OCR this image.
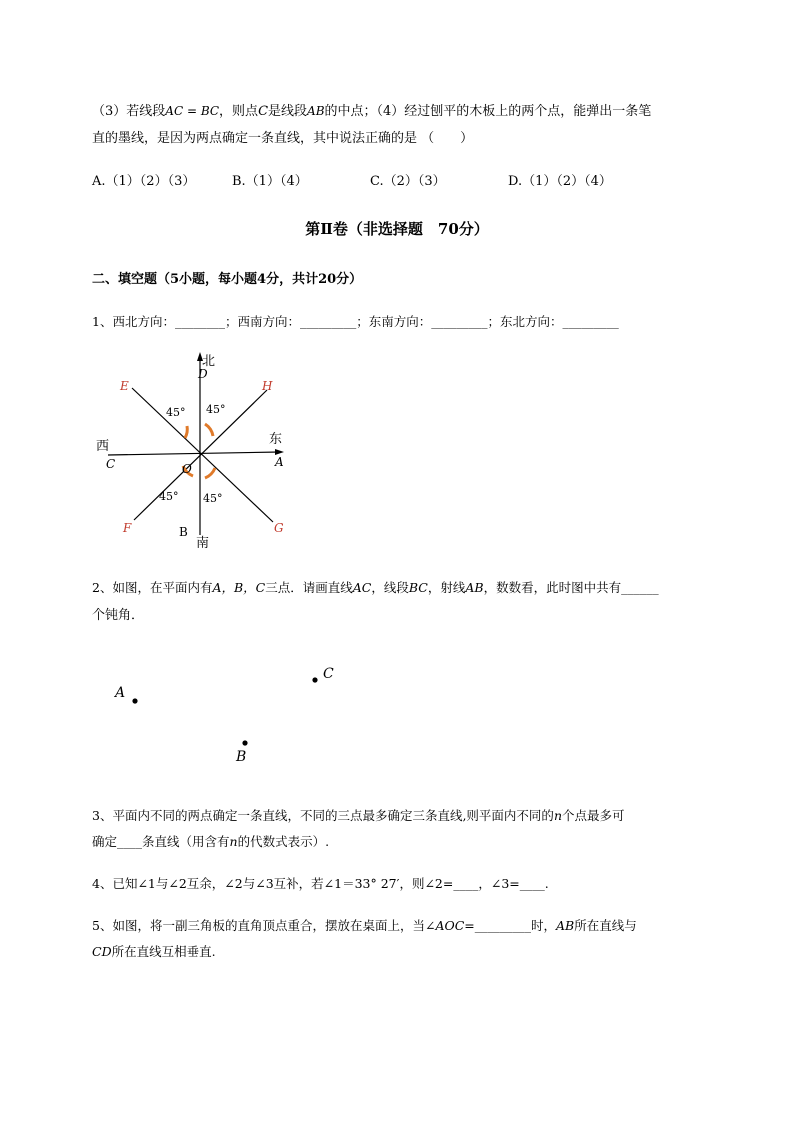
（3）若线段AC = BC，则点C是线段AB的中点；（4）经过刨平的木板上的两个点，能弹出一条笔
直的墨线，是因为两点确定一条直线，其中说法正确的是 （　　）
A.（1）（2）（3）	B.（1）（4）	C.（2）（3）	D.（1）（2）（4）
第Ⅱ卷（非选择题　70分）
二、填空题（5小题，每小题4分，共计20分）
1、西北方向：________；西南方向：_________；东南方向：_________；东北方向：_________
北
D
E	H
45° 45°
西
C
东
A
O
45° 45°
F	G
B
南
2、如图，在平面内有A，B，C三点．请画直线AC，线段BC，射线AB，数数看，此时图中共有______
个钝角．
A
C
B
3、平面内不同的两点确定一条直线，不同的三点最多确定三条直线,则平面内不同的n个点最多可
确定____条直线（用含有n的代数式表示）.
4、已知∠1与∠2互余，∠2与∠3互补，若∠1＝33° 27′，则∠2=____，∠3=____.
5、如图，将一副三角板的直角顶点重合，摆放在桌面上，当∠AOC=_________时，AB所在直线与
CD所在直线互相垂直.
